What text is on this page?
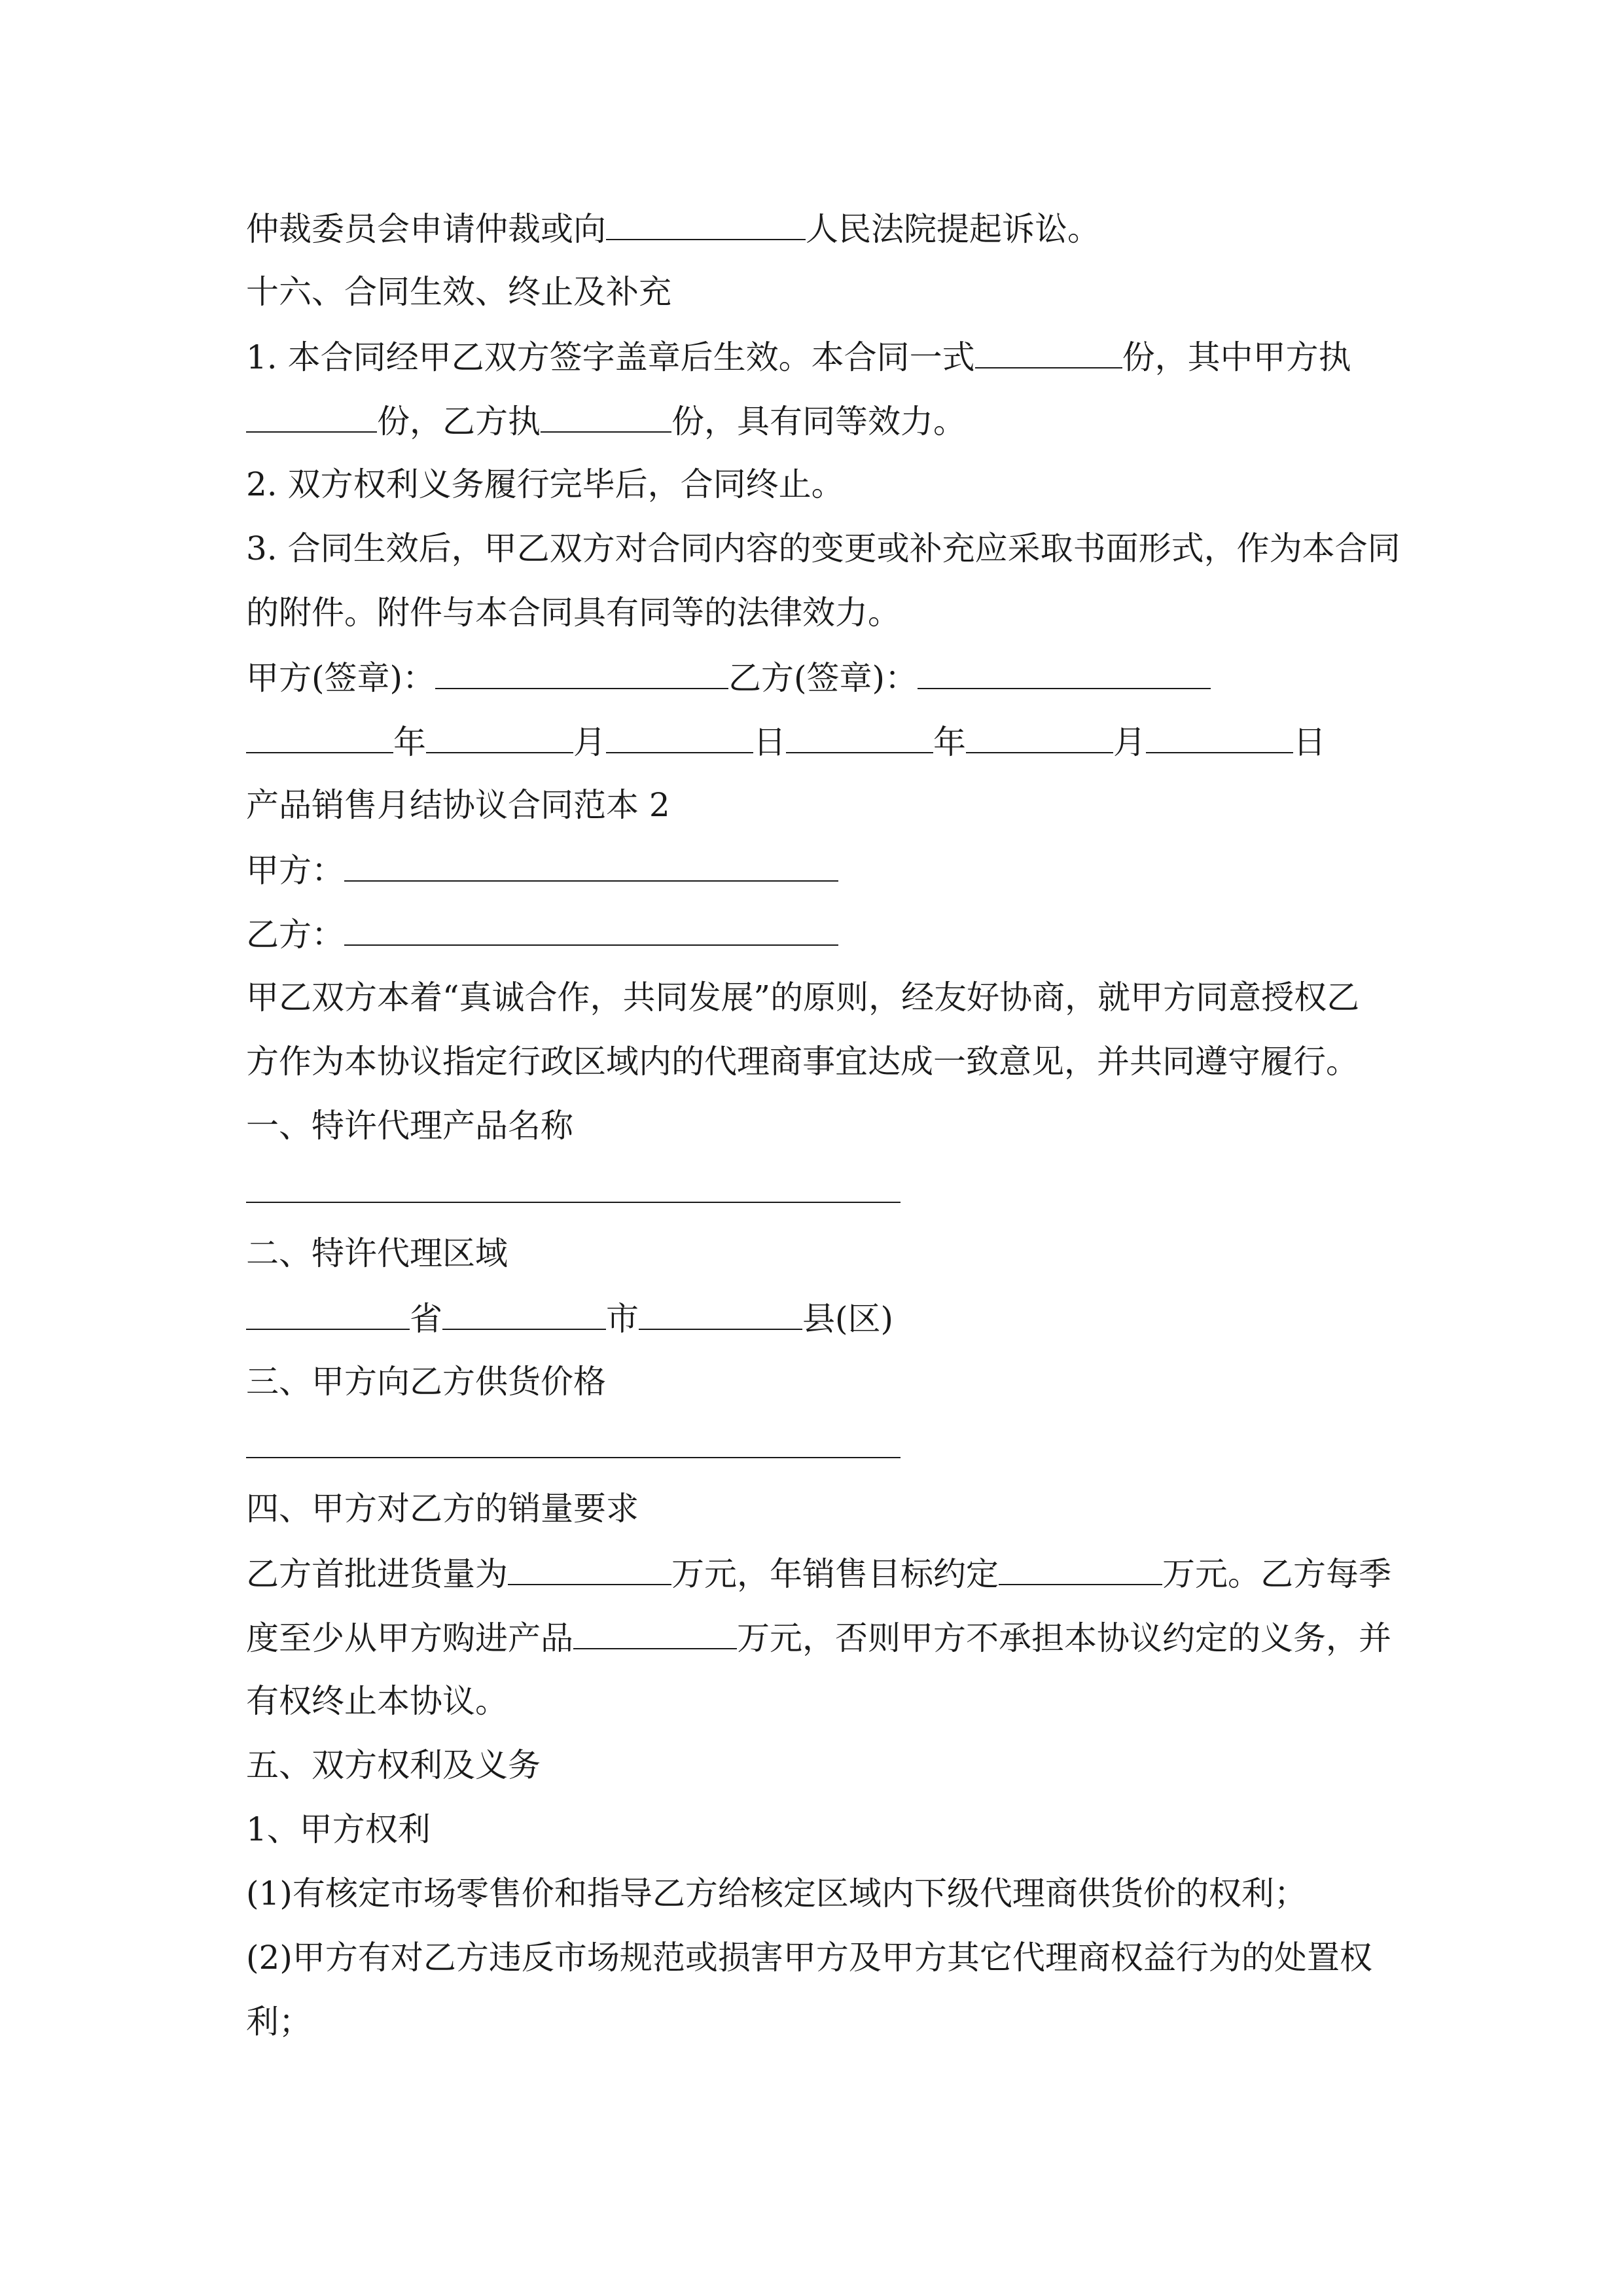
仲裁委员会申请仲裁或向	人民法院提起诉讼。
十六、合同生效、终止及补充
1. 本合同经甲乙双方签字盖章后生效。本合同一式	份，其中甲方执
份，乙方执	份，具有同等效力。
2. 双方权利义务履行完毕后，合同终止。
3. 合同生效后，甲乙双方对合同内容的变更或补充应采取书面形式，作为本合同
的附件。附件与本合同具有同等的法律效力。
甲方(签章)：	乙方(签章)：
年	月	日	年	月	日
产品销售月结协议合同范本 2
甲方：
乙方：
甲乙双方本着“真诚合作，共同发展”的原则，经友好协商，就甲方同意授权乙
方作为本协议指定行政区域内的代理商事宜达成一致意见，并共同遵守履行。
一、特许代理产品名称
二、特许代理区域
省	市	县(区)
三、甲方向乙方供货价格
四、甲方对乙方的销量要求
乙方首批进货量为	万元，年销售目标约定	万元。乙方每季
度至少从甲方购进产品	万元，否则甲方不承担本协议约定的义务，并
有权终止本协议。
五、双方权利及义务
1、甲方权利
(1)有核定市场零售价和指导乙方给核定区域内下级代理商供货价的权利；
(2)甲方有对乙方违反市场规范或损害甲方及甲方其它代理商权益行为的处置权
利；
